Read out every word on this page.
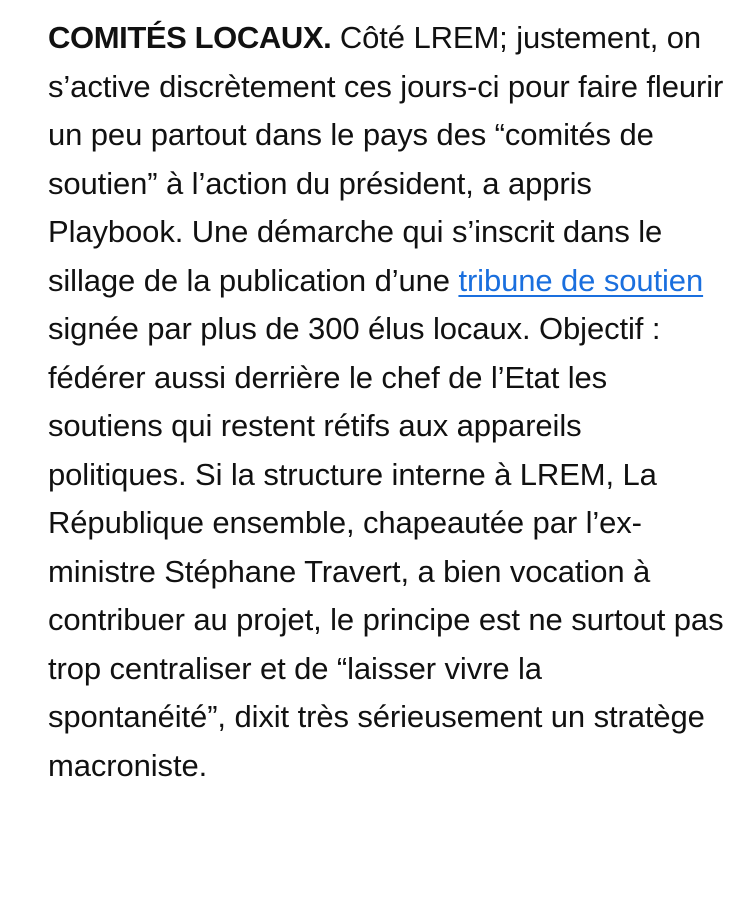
COMITÉS LOCAUX. Côté LREM; justement, on s’active discrètement ces jours-ci pour faire fleurir un peu partout dans le pays des “comités de soutien” à l’action du président, a appris Playbook. Une démarche qui s’inscrit dans le sillage de la publication d’une tribune de soutien signée par plus de 300 élus locaux. Objectif : fédérer aussi derrière le chef de l’Etat les soutiens qui restent rétifs aux appareils politiques. Si la structure interne à LREM, La République ensemble, chapeautée par l’ex-ministre Stéphane Travert, a bien vocation à contribuer au projet, le principe est ne surtout pas trop centraliser et de “laisser vivre la spontanéité”, dixit très sérieusement un stratège macroniste.
